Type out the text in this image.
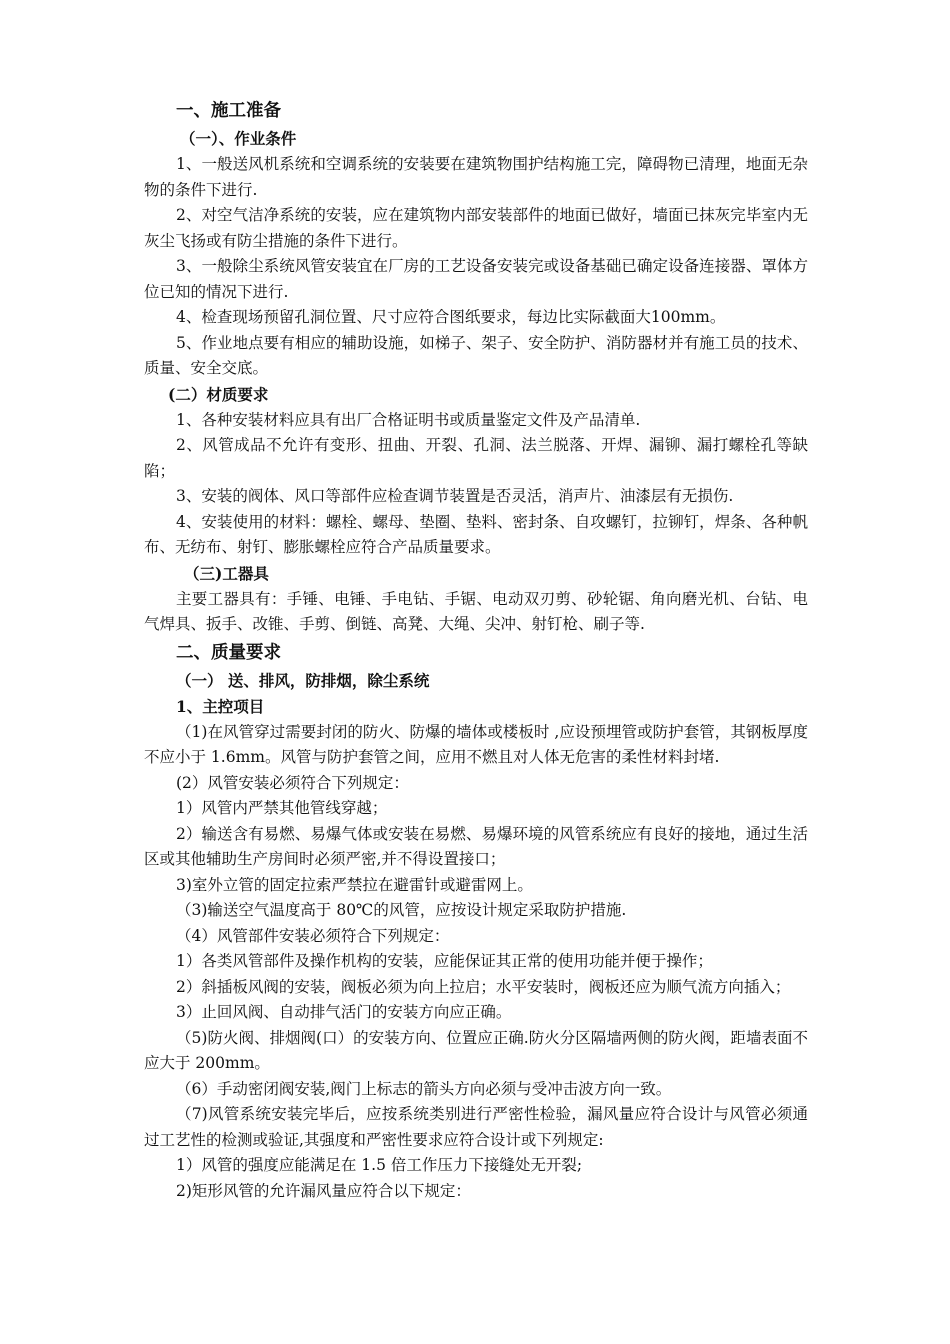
一、施工准备
（一）、作业条件
1、一般送风机系统和空调系统的安装要在建筑物围护结构施工完，障碍物已清理，地面无杂物的条件下进行.
2、对空气洁净系统的安装，应在建筑物内部安装部件的地面已做好，墙面已抹灰完毕室内无灰尘飞扬或有防尘措施的条件下进行。
3、一般除尘系统风管安装宜在厂房的工艺设备安装完或设备基础已确定设备连接器、罩体方位已知的情况下进行.
4、检查现场预留孔洞位置、尺寸应符合图纸要求，每边比实际截面大100mm。
5、作业地点要有相应的辅助设施，如梯子、架子、安全防护、消防器材并有施工员的技术、质量、安全交底。
(二）材质要求
1、各种安装材料应具有出厂合格证明书或质量鉴定文件及产品清单.
2、风管成品不允许有变形、扭曲、开裂、孔洞、法兰脱落、开焊、漏铆、漏打螺栓孔等缺陷；
3、安装的阀体、风口等部件应检查调节装置是否灵活，消声片、油漆层有无损伤.
4、安装使用的材料：螺栓、螺母、垫圈、垫料、密封条、自攻螺钉，拉铆钉，焊条、各种帆布、无纺布、射钉、膨胀螺栓应符合产品质量要求。
（三)工器具
主要工器具有：手锤、电锤、手电钻、手锯、电动双刃剪、砂轮锯、角向磨光机、台钻、电气焊具、扳手、改锥、手剪、倒链、高凳、大绳、尖冲、射钉枪、刷子等.
二、质量要求
（一） 送、排风，防排烟，除尘系统
1、主控项目
（1)在风管穿过需要封闭的防火、防爆的墙体或楼板时 ,应设预埋管或防护套管，其钢板厚度不应小于 1.6mm。风管与防护套管之间，应用不燃且对人体无危害的柔性材料封堵.
(2）风管安装必须符合下列规定：
1）风管内严禁其他管线穿越；
2）输送含有易燃、易爆气体或安装在易燃、易爆环境的风管系统应有良好的接地，通过生活区或其他辅助生产房间时必须严密,并不得设置接口；
3)室外立管的固定拉索严禁拉在避雷针或避雷网上。
（3)输送空气温度高于 80℃的风管，应按设计规定采取防护措施.
（4）风管部件安装必须符合下列规定：
1）各类风管部件及操作机构的安装，应能保证其正常的使用功能并便于操作；
2）斜插板风阀的安装，阀板必须为向上拉启；水平安装时，阀板还应为顺气流方向插入；
3）止回风阀、自动排气活门的安装方向应正确。
（5)防火阀、排烟阀(口）的安装方向、位置应正确.防火分区隔墙两侧的防火阀，距墙表面不应大于 200mm。
（6）手动密闭阀安装,阀门上标志的箭头方向必须与受冲击波方向一致。
（7)风管系统安装完毕后，应按系统类别进行严密性检验，漏风量应符合设计与风管必须通过工艺性的检测或验证,其强度和严密性要求应符合设计或下列规定:
1）风管的强度应能满足在 1.5 倍工作压力下接缝处无开裂;
2)矩形风管的允许漏风量应符合以下规定：
